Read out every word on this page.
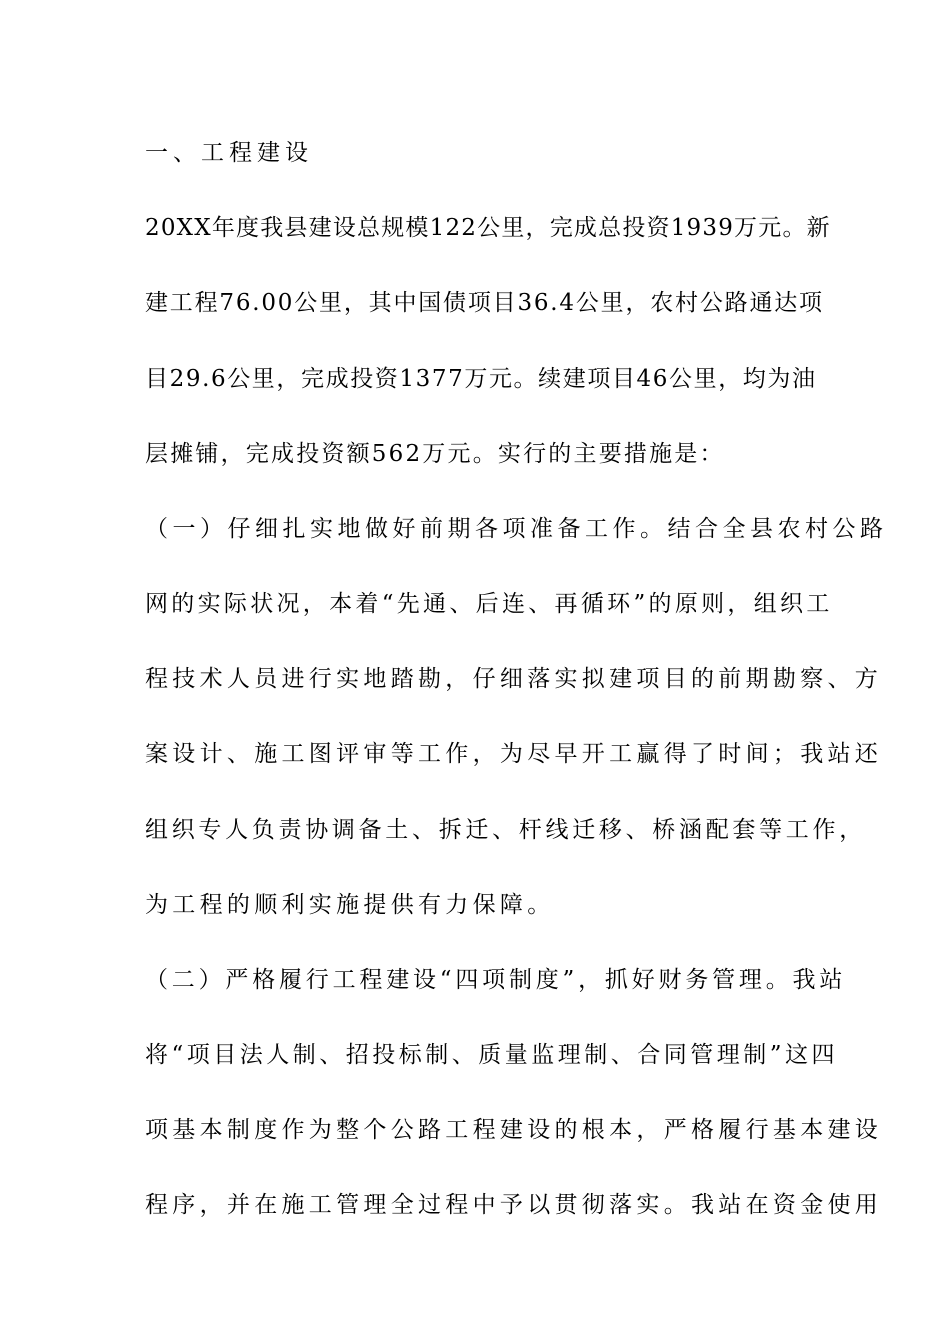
一、工程建设
20XX年度我县建设总规模122公里，完成总投资1939万元。新
建工程76.00公里，其中国债项目36.4公里，农村公路通达项
目29.6公里，完成投资1377万元。续建项目46公里，均为油
层摊铺，完成投资额562万元。实行的主要措施是：
（一）仔细扎实地做好前期各项准备工作。结合全县农村公路
网的实际状况，本着“先通、后连、再循环”的原则，组织工
程技术人员进行实地踏勘，仔细落实拟建项目的前期勘察、方
案设计、施工图评审等工作，为尽早开工赢得了时间；我站还
组织专人负责协调备土、拆迁、杆线迁移、桥涵配套等工作，
为工程的顺利实施提供有力保障。
（二）严格履行工程建设“四项制度”，抓好财务管理。我站
将“项目法人制、招投标制、质量监理制、合同管理制”这四
项基本制度作为整个公路工程建设的根本，严格履行基本建设
程序，并在施工管理全过程中予以贯彻落实。我站在资金使用
